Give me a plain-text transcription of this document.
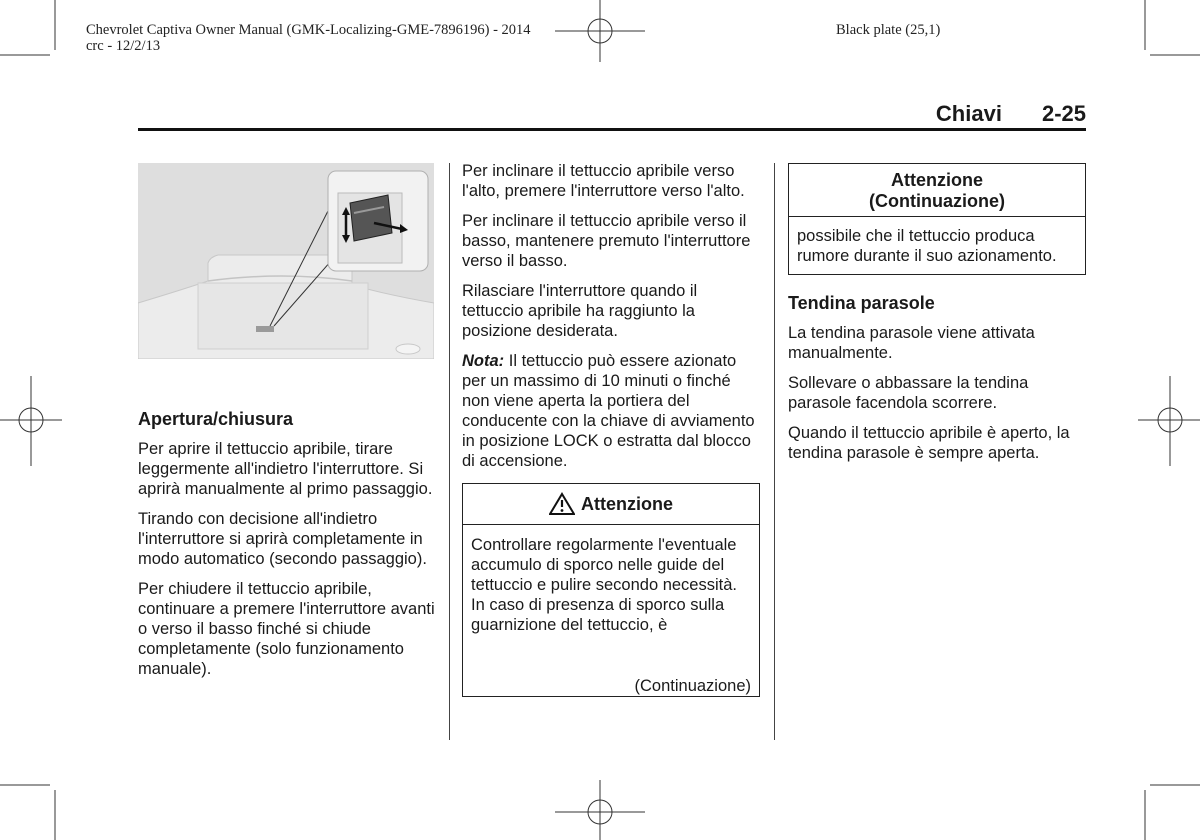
Chevrolet Captiva Owner Manual (GMK-Localizing-GME-7896196) - 2014
crc - 12/2/13
Black plate (25,1)
Chiavi 2-25
Apertura/chiusura

Per aprire il tettuccio apribile, tirare leggermente all'indietro l'interruttore. Si aprirà manualmente al primo passaggio.

Tirando con decisione all'indietro l'interruttore si aprirà completamente in modo automatico (secondo passaggio).

Per chiudere il tettuccio apribile, continuare a premere l'interruttore avanti o verso il basso finché si chiude completamente (solo funzionamento manuale).

Per inclinare il tettuccio apribile verso l'alto, premere l'interruttore verso l'alto.

Per inclinare il tettuccio apribile verso il basso, mantenere premuto l'interruttore verso il basso.

Rilasciare l'interruttore quando il tettuccio apribile ha raggiunto la posizione desiderata.

Nota: Il tettuccio può essere azionato per un massimo di 10 minuti o finché non viene aperta la portiera del conducente con la chiave di avviamento in posizione LOCK o estratta dal blocco di accensione.

Attenzione
Controllare regolarmente l'eventuale accumulo di sporco nelle guide del tettuccio e pulire secondo necessità. In caso di presenza di sporco sulla guarnizione del tettuccio, è
(Continuazione)
Attenzione
(Continuazione)
possibile che il tettuccio produca rumore durante il suo azionamento.
Tendina parasole

La tendina parasole viene attivata manualmente.

Sollevare o abbassare la tendina parasole facendola scorrere.

Quando il tettuccio apribile è aperto, la tendina parasole è sempre aperta.
